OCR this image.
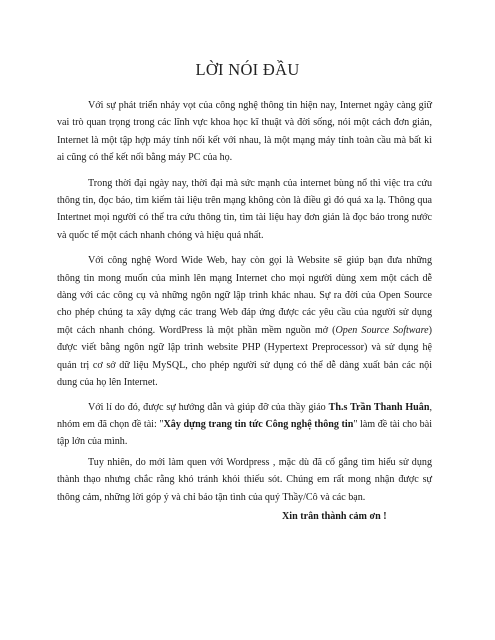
LỜI NÓI ĐẦU

Với sự phát triển nhảy vọt của công nghệ thông tin hiện nay, Internet ngày càng giữ vai trò quan trọng trong các lĩnh vực khoa học kĩ thuật và đời sống, nói một cách đơn giản, Internet là một tập hợp máy tính nối kết với nhau, là một mạng máy tính toàn cầu mà bất kì ai cũng có thể kết nối bằng máy PC của họ.

Trong thời đại ngày nay, thời đại mà sức mạnh của internet bùng nổ thì việc tra cứu thông tin, đọc báo, tìm kiếm tài liệu trên mạng không còn là điều gì đó quá xa lạ. Thông qua Intertnet mọi người có thể tra cứu thông tin, tìm tài liệu hay đơn giản là đọc báo trong nước và quốc tế một cách nhanh chóng và hiệu quả nhất.

Với công nghệ Word Wide Web, hay còn gọi là Website sẽ giúp bạn đưa những thông tin mong muốn của mình lên mạng Internet cho mọi người dùng xem một cách dễ dàng với các công cụ và những ngôn ngữ lập trình khác nhau. Sự ra đời của Open Source cho phép chúng ta xây dựng các trang Web đáp ứng được các yêu cầu của người sử dụng một cách nhanh chóng. WordPress là một phần mềm nguồn mở (Open Source Software) được viết bằng ngôn ngữ lập trình website PHP (Hypertext Preprocessor) và sử dụng hệ quản trị cơ sở dữ liệu MySQL, cho phép người sử dụng có thể dễ dàng xuất bản các nội dung của họ lên Internet.

Với lí do đó, được sự hướng dẫn và giúp đỡ của thầy giáo Th.s Trần Thanh Huân, nhóm em đã chọn đề tài: "Xây dựng trang tin tức Công nghệ thông tin" làm đề tài cho bài tập lớn của mình.

Tuy nhiên, do mới làm quen với Wordpress , mặc dù đã cố gắng tìm hiểu sử dụng thành thạo nhưng chắc rằng khó tránh khỏi thiếu sót. Chúng em rất mong nhận được sự thông cảm, những lời góp ý và chỉ bảo tận tình của quý Thầy/Cô và các bạn.

Xin trân thành cảm ơn !
